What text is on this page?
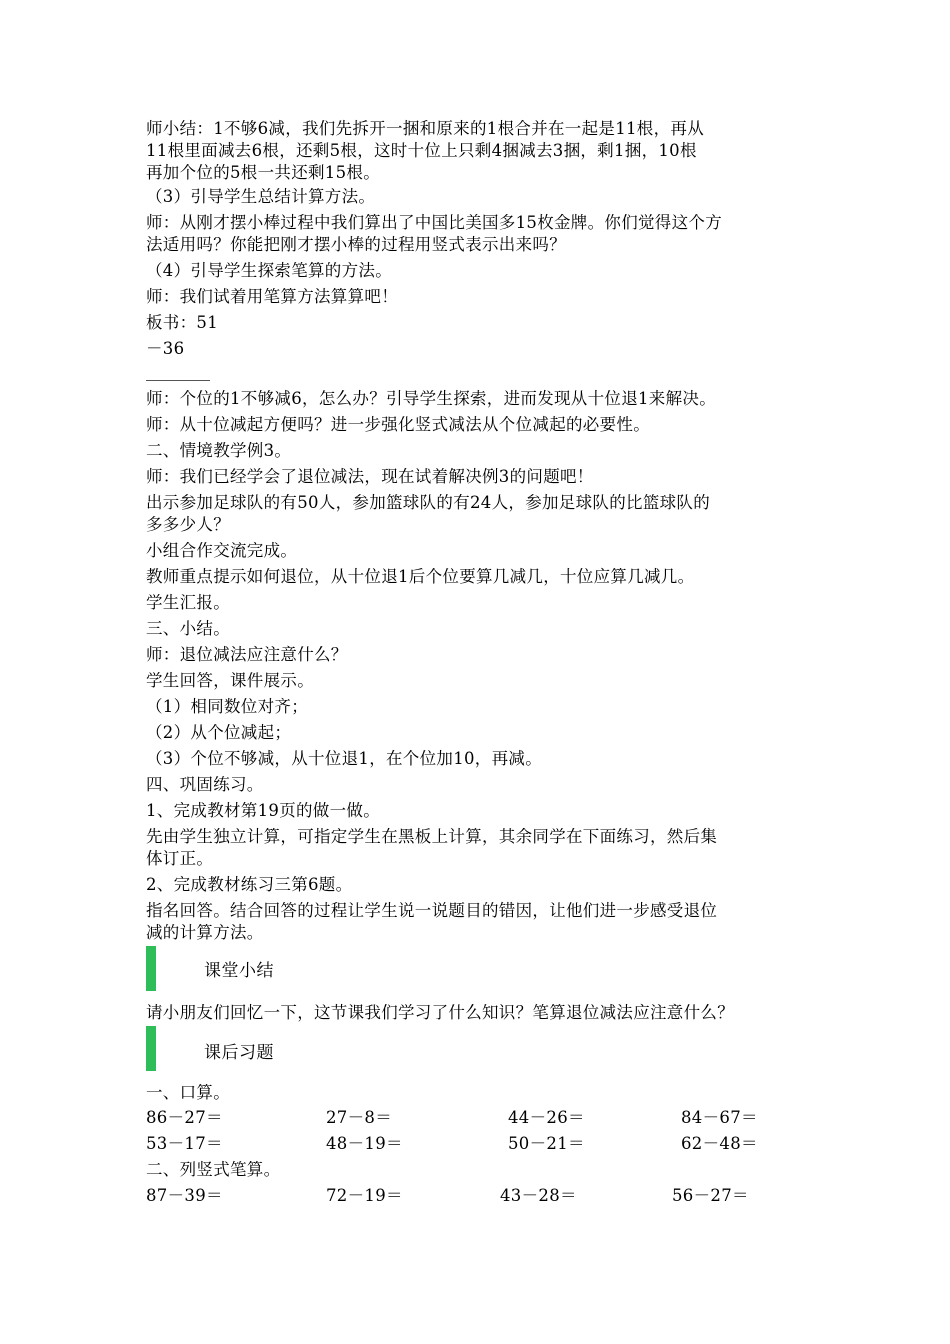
师小结：1不够6减，我们先拆开一捆和原来的1根合并在一起是11根，再从
11根里面减去6根，还剩5根，这时十位上只剩4捆减去3捆，剩1捆，10根
再加个位的5根一共还剩15根。
（3）引导学生总结计算方法。
师：从刚才摆小棒过程中我们算出了中国比美国多15枚金牌。你们觉得这个方
法适用吗？你能把刚才摆小棒的过程用竖式表示出来吗？
（4）引导学生探索笔算的方法。
师：我们试着用笔算方法算算吧！
板书：51
－36
师：个位的1不够减6，怎么办？引导学生探索，进而发现从十位退1来解决。
师：从十位减起方便吗？进一步强化竖式减法从个位减起的必要性。
二、情境教学例3。
师：我们已经学会了退位减法，现在试着解决例3的问题吧！
出示参加足球队的有50人，参加篮球队的有24人，参加足球队的比篮球队的
多多少人？
小组合作交流完成。
教师重点提示如何退位，从十位退1后个位要算几减几，十位应算几减几。
学生汇报。
三、小结。
师：退位减法应注意什么？
学生回答，课件展示。
（1）相同数位对齐；
（2）从个位减起；
（3）个位不够减，从十位退1，在个位加10，再减。
四、巩固练习。
1、完成教材第19页的做一做。
先由学生独立计算，可指定学生在黑板上计算，其余同学在下面练习，然后集
体订正。
2、完成教材练习三第6题。
指名回答。结合回答的过程让学生说一说题目的错因，让他们进一步感受退位
减的计算方法。
课堂小结
请小朋友们回忆一下，这节课我们学习了什么知识？笔算退位减法应注意什么？
课后习题
一、口算。
86－27＝	27－8＝	44－26＝	84－67＝
53－17＝	48－19＝	50－21＝	62－48＝
二、列竖式笔算。
87－39＝	72－19＝	43－28＝	56－27＝
